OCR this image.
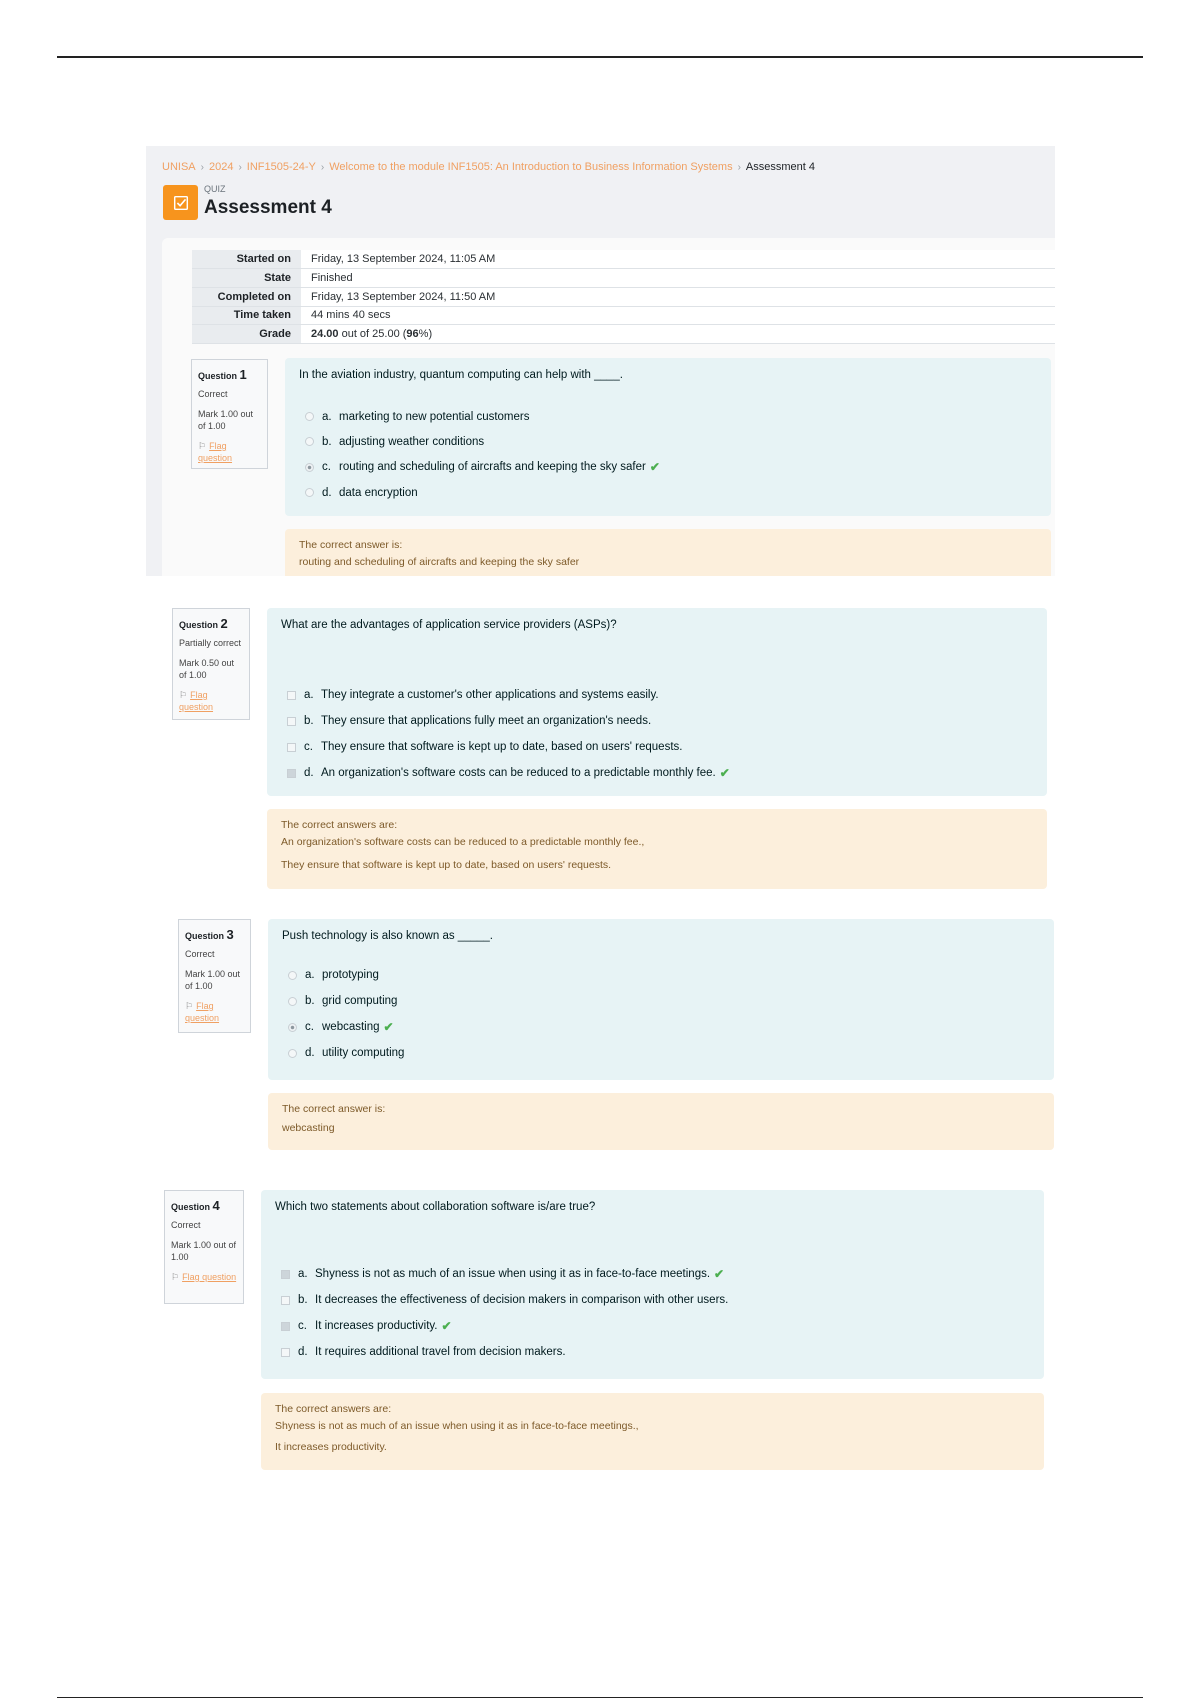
UNISA › 2024 › INF1505-24-Y › Welcome to the module INF1505: An Introduction to Business Information Systems › Assessment 4
QUIZ
Assessment 4
Started on	Friday, 13 September 2024, 11:05 AM
State	Finished
Completed on	Friday, 13 September 2024, 11:50 AM
Time taken	44 mins 40 secs
Grade	24.00 out of 25.00 (96%)
Question 1
Correct
Mark 1.00 out of 1.00
⚐ Flag question
In the aviation industry, quantum computing can help with ____.
a. marketing to new potential customers
b. adjusting weather conditions
c. routing and scheduling of aircrafts and keeping the sky safer ✔
d. data encryption
The correct answer is:
routing and scheduling of aircrafts and keeping the sky safer
Question 2
Partially correct
Mark 0.50 out of 1.00
⚐ Flag question
What are the advantages of application service providers (ASPs)?
a. They integrate a customer's other applications and systems easily.
b. They ensure that applications fully meet an organization's needs.
c. They ensure that software is kept up to date, based on users' requests.
d. An organization's software costs can be reduced to a predictable monthly fee. ✔
The correct answers are:
An organization's software costs can be reduced to a predictable monthly fee.,
They ensure that software is kept up to date, based on users' requests.
Question 3
Correct
Mark 1.00 out of 1.00
⚐ Flag question
Push technology is also known as _____.
a. prototyping
b. grid computing
c. webcasting ✔
d. utility computing
The correct answer is:
webcasting
Question 4
Correct
Mark 1.00 out of 1.00
⚐ Flag question
Which two statements about collaboration software is/are true?
a. Shyness is not as much of an issue when using it as in face-to-face meetings. ✔
b. It decreases the effectiveness of decision makers in comparison with other users.
c. It increases productivity. ✔
d. It requires additional travel from decision makers.
The correct answers are:
Shyness is not as much of an issue when using it as in face-to-face meetings.,
It increases productivity.
